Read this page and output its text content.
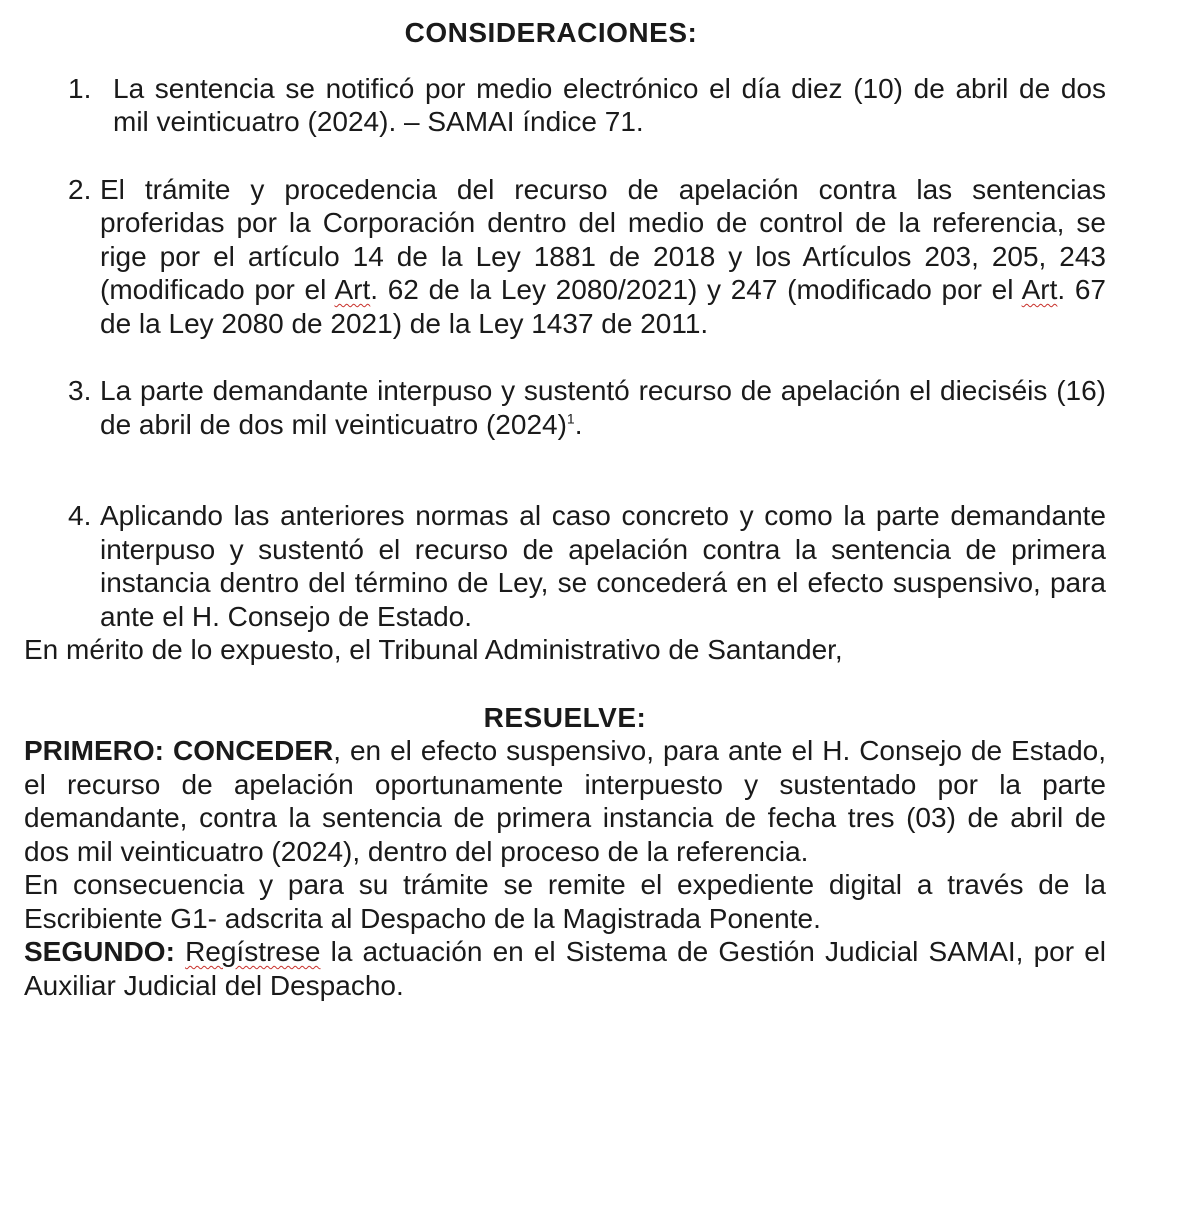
CONSIDERACIONES:
1. La sentencia se notificó por medio electrónico el día diez (10) de abril de dos mil veinticuatro (2024). – SAMAI índice 71.
2. El trámite y procedencia del recurso de apelación contra las sentencias proferidas por la Corporación dentro del medio de control de la referencia, se rige por el artículo 14 de la Ley 1881 de 2018 y los Artículos 203, 205, 243 (modificado por el Art. 62 de la Ley 2080/2021) y 247 (modificado por el Art. 67 de la Ley 2080 de 2021) de la Ley 1437 de 2011.
3. La parte demandante interpuso y sustentó recurso de apelación el dieciséis (16) de abril de dos mil veinticuatro $(2024)^1$.
4. Aplicando las anteriores normas al caso concreto y como la parte demandante interpuso y sustentó el recurso de apelación contra la sentencia de primera instancia dentro del término de Ley, se concederá en el efecto suspensivo, para ante el H. Consejo de Estado.

En mérito de lo expuesto, el Tribunal Administrativo de Santander,

RESUELVE:

PRIMERO: CONCEDER, en el efecto suspensivo, para ante el H. Consejo de Estado, el recurso de apelación oportunamente interpuesto y sustentado por la parte demandante, contra la sentencia de primera instancia de fecha tres (03) de abril de dos mil veinticuatro (2024), dentro del proceso de la referencia.

En consecuencia y para su trámite se remite el expediente digital a través de la Escribiente G1- adscrita al Despacho de la Magistrada Ponente.

SEGUNDO: Regístrese la actuación en el Sistema de Gestión Judicial SAMAI, por el Auxiliar Judicial del Despacho.
